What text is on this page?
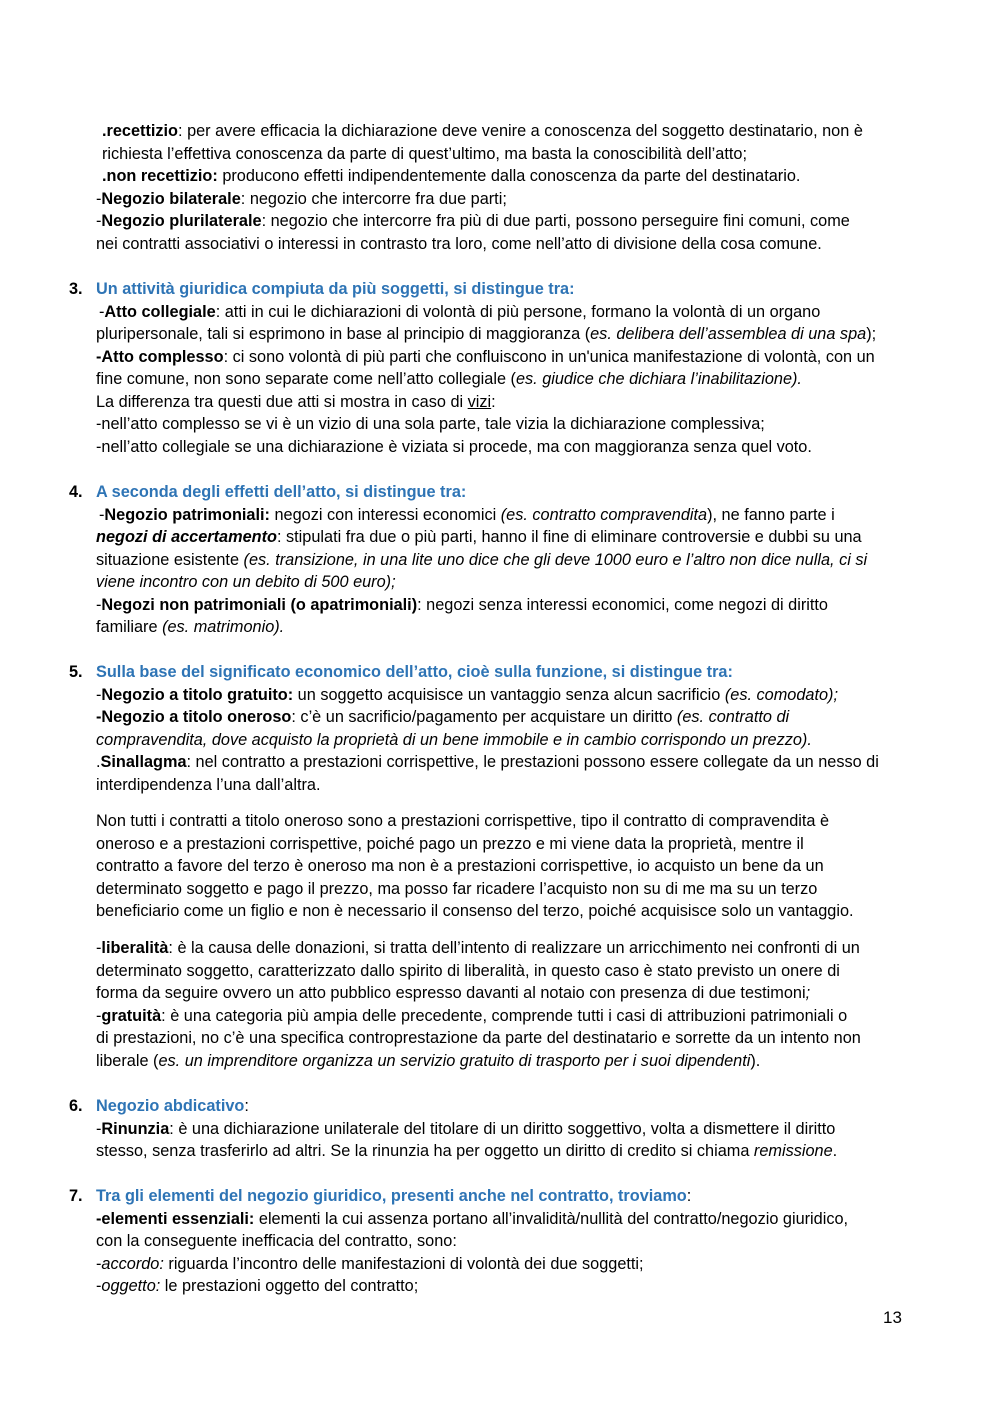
.recettizio: per avere efficacia la dichiarazione deve venire a conoscenza del soggetto destinatario, non è
richiesta l’effettiva conoscenza da parte di quest’ultimo, ma basta la conoscibilità dell’atto;
.non recettizio: producono effetti indipendentemente dalla conoscenza da parte del destinatario.
-Negozio bilaterale: negozio che intercorre fra due parti;
-Negozio plurilaterale: negozio che intercorre fra più di due parti, possono perseguire fini comuni, come
nei contratti associativi o interessi in contrasto tra loro, come nell’atto di divisione della cosa comune.
3. Un attività giuridica compiuta da più soggetti, si distingue tra:
-Atto collegiale: atti in cui le dichiarazioni di volontà di più persone, formano la volontà di un organo
pluripersonale, tali si esprimono in base al principio di maggioranza (es. delibera dell’assemblea di una spa);
-Atto complesso: ci sono volontà di più parti che confluiscono in un'unica manifestazione di volontà, con un
fine comune, non sono separate come nell’atto collegiale (es. giudice che dichiara l’inabilitazione).
La differenza tra questi due atti si mostra in caso di vizi:
-nell’atto complesso se vi è un vizio di una sola parte, tale vizia la dichiarazione complessiva;
-nell’atto collegiale se una dichiarazione è viziata si procede, ma con maggioranza senza quel voto.
4. A seconda degli effetti dell’atto, si distingue tra:
-Negozio patrimoniali: negozi con interessi economici (es. contratto compravendita), ne fanno parte i
negozi di accertamento: stipulati fra due o più parti, hanno il fine di eliminare controversie e dubbi su una
situazione esistente (es. transizione, in una lite uno dice che gli deve 1000 euro e l’altro non dice nulla, ci si
viene incontro con un debito di 500 euro);
-Negozi non patrimoniali (o apatrimoniali): negozi senza interessi economici, come negozi di diritto
familiare (es. matrimonio).
5. Sulla base del significato economico dell’atto, cioè sulla funzione, si distingue tra:
-Negozio a titolo gratuito: un soggetto acquisisce un vantaggio senza alcun sacrificio (es. comodato);
-Negozio a titolo oneroso: c’è un sacrificio/pagamento per acquistare un diritto (es. contratto di
compravendita, dove acquisto la proprietà di un bene immobile e in cambio corrispondo un prezzo).
.Sinallagma: nel contratto a prestazioni corrispettive, le prestazioni possono essere collegate da un nesso di
interdipendenza l’una dall’altra.
Non tutti i contratti a titolo oneroso sono a prestazioni corrispettive, tipo il contratto di compravendita è
oneroso e a prestazioni corrispettive, poiché pago un prezzo e mi viene data la proprietà, mentre il
contratto a favore del terzo è oneroso ma non è a prestazioni corrispettive, io acquisto un bene da un
determinato soggetto e pago il prezzo, ma posso far ricadere l’acquisto non su di me ma su un terzo
beneficiario come un figlio e non è necessario il consenso del terzo, poiché acquisisce solo un vantaggio.
-liberalità: è la causa delle donazioni, si tratta dell’intento di realizzare un arricchimento nei confronti di un
determinato soggetto, caratterizzato dallo spirito di liberalità, in questo caso è stato previsto un onere di
forma da seguire ovvero un atto pubblico espresso davanti al notaio con presenza di due testimoni;
-gratuità: è una categoria più ampia delle precedente, comprende tutti i casi di attribuzioni patrimoniali o
di prestazioni, no c’è una specifica controprestazione da parte del destinatario e sorrette da un intento non
liberale (es. un imprenditore organizza un servizio gratuito di trasporto per i suoi dipendenti).
6. Negozio abdicativo:
-Rinunzia: è una dichiarazione unilaterale del titolare di un diritto soggettivo, volta a dismettere il diritto
stesso, senza trasferirlo ad altri. Se la rinunzia ha per oggetto un diritto di credito si chiama remissione.
7. Tra gli elementi del negozio giuridico, presenti anche nel contratto, troviamo:
-elementi essenziali: elementi la cui assenza portano all’invalidità/nullità del contratto/negozio giuridico,
con la conseguente inefficacia del contratto, sono:
-accordo: riguarda l’incontro delle manifestazioni di volontà dei due soggetti;
-oggetto: le prestazioni oggetto del contratto;
13
